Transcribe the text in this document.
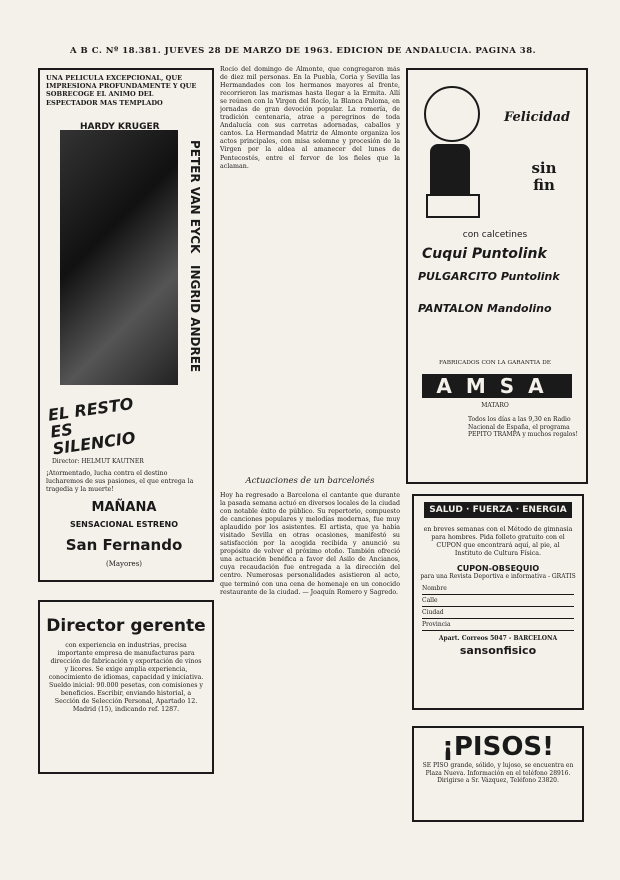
A B C. Nº 18.381. JUEVES 28 DE MARZO DE 1963. EDICION DE ANDALUCIA. PAGINA 38.
UNA PELICULA EXCEPCIONAL, QUE IMPRESIONA PROFUNDAMENTE Y QUE SOBRECOGE EL ANIMO DEL ESPECTADOR MAS TEMPLADO
HARDY KRUGER
PETER VAN EYCK
INGRID ANDREE
EL RESTO ES SILENCIO
Director: HELMUT KAUTNER
¡Atormentado, lucha contra el destino lucharemos de sus pasiones, el que entrega la tragedia y la muerte!
MAÑANA
SENSACIONAL ESTRENO
San Fernando
(Mayores)
Director gerente
con experiencia en industrias, precisa importante empresa de manufacturas para dirección de fabricación y exportación de vinos y licores. Se exige amplia experiencia, conocimiento de idiomas, capacidad y iniciativa. Sueldo inicial: 90.000 pesetas, con comisiones y beneficios. Escribir, enviando historial, a Sección de Selección Personal, Apartado 12. Madrid (15), indicando ref. 1287.
Rocío del domingo de Almonte, que congregaron más de diez mil personas. En la Puebla, Coria y Sevilla las Hermandades con los hermanos mayores al frente, recorrieron las marismas hasta llegar a la Ermita. Allí se reúnen con la Virgen del Rocío, la Blanca Paloma, en jornadas de gran devoción popular. La romería, de tradición centenaria, atrae a peregrinos de toda Andalucía con sus carretas adornadas, caballos y cantos. La Hermandad Matriz de Almonte organiza los actos principales, con misa solemne y procesión de la Virgen por la aldea al amanecer del lunes de Pentecostés, entre el fervor de los fieles que la aclaman.
Actuaciones de un barcelonés
Hoy ha regresado a Barcelona el cantante que durante la pasada semana actuó en diversos locales de la ciudad con notable éxito de público. Su repertorio, compuesto de canciones populares y melodías modernas, fue muy aplaudido por los asistentes. El artista, que ya había visitado Sevilla en otras ocasiones, manifestó su satisfacción por la acogida recibida y anunció su propósito de volver el próximo otoño. También ofreció una actuación benéfica a favor del Asilo de Ancianos, cuya recaudación fue entregada a la dirección del centro. Numerosas personalidades asistieron al acto, que terminó con una cena de homenaje en un conocido restaurante de la ciudad. — Joaquín Romero y Sagredo.
Felicidad
sin fin
con calcetines
Cuqui Puntolink
PULGARCITO Puntolink
PANTALON Mandolino
FABRICADOS CON LA GARANTIA DE
AMSA
MATARO
Todos los días a las 9,30 en Radio Nacional de España, el programa PEPITO TRAMPA y muchos regalos!
SALUD · FUERZA · ENERGIA
en breves semanas con el Método de gimnasia para hombres. Pida folleto gratuito con el CUPON que encontrará aquí, al pie, al Instituto de Cultura Física.
CUPON-OBSEQUIO
para una Revista Deportiva e informativa - GRATIS
Nombre
Calle
Ciudad
Provincia
Apart. Correos 5047 - BARCELONA
sansonfisico
¡PISOS!
SE PISO grande, sólido, y lujoso, se encuentra en Plaza Nueva. Información en el teléfono 28916. Dirigirse a Sr. Vázquez, Teléfono 23820.
